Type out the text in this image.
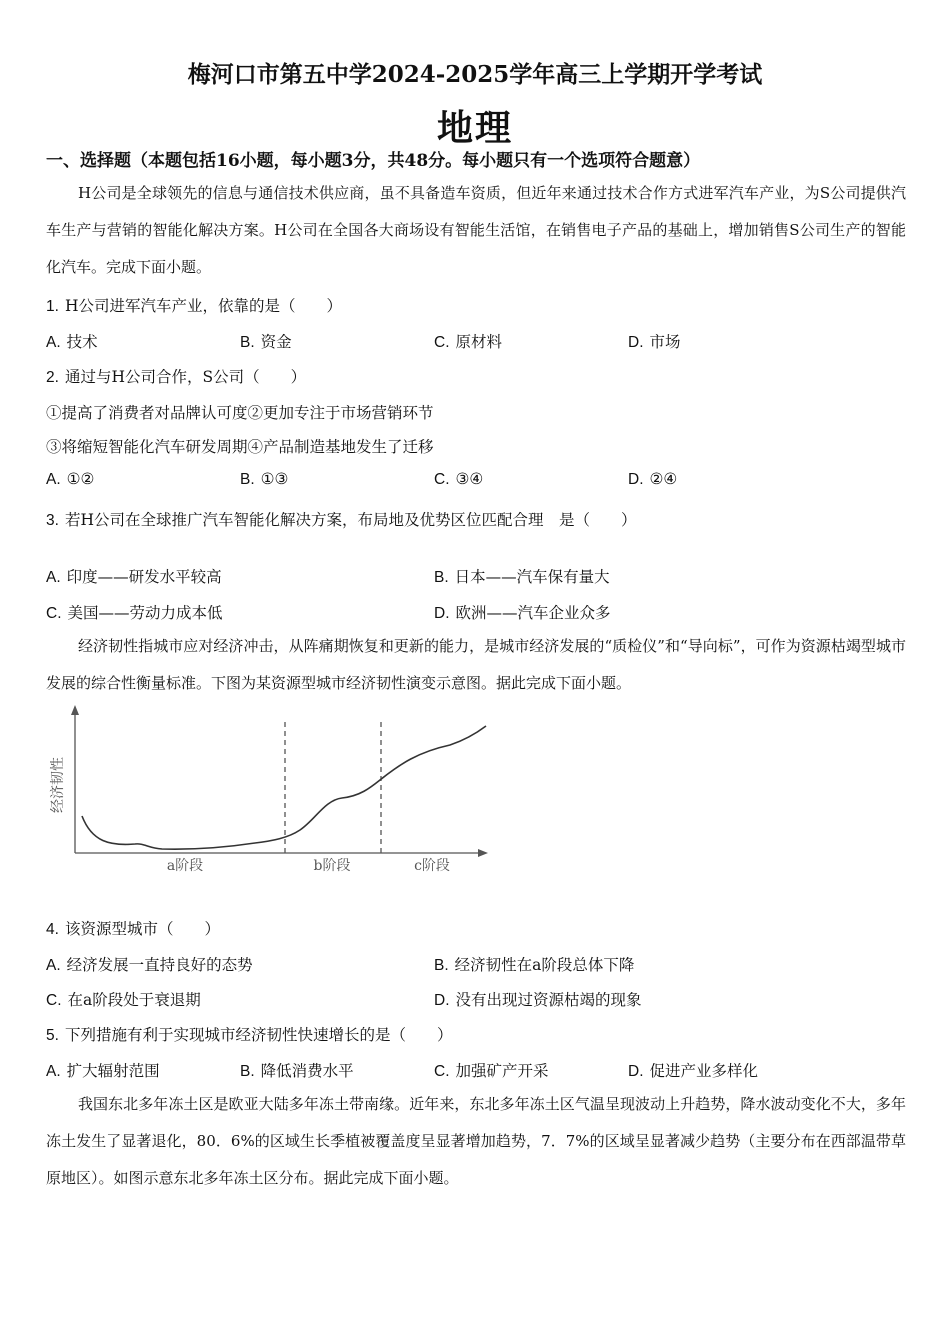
梅河口市第五中学2024-2025学年高三上学期开学考试
地理
一、选择题（本题包括16小题，每小题3分，共48分。每小题只有一个选项符合题意）
H公司是全球领先的信息与通信技术供应商，虽不具备造车资质，但近年来通过技术合作方式进军汽车产业，为S公司提供汽车生产与营销的智能化解决方案。H公司在全国各大商场设有智能生活馆，在销售电子产品的基础上，增加销售S公司生产的智能化汽车。完成下面小题。
1. H公司进军汽车产业，依靠的是（　　）
A. 技术	B. 资金	C. 原材料	D. 市场
2. 通过与H公司合作，S公司（　　）
①提高了消费者对品牌认可度②更加专注于市场营销环节
③将缩短智能化汽车研发周期④产品制造基地发生了迁移
A. ①②	B. ①③	C. ③④	D. ②④
3. 若H公司在全球推广汽车智能化解决方案，布局地及优势区位匹配合理　是（　　）
A. 印度——研发水平较高	B. 日本——汽车保有量大
C. 美国——劳动力成本低	D. 欧洲——汽车企业众多
经济韧性指城市应对经济冲击，从阵痛期恢复和更新的能力，是城市经济发展的“质检仪”和“导向标”，可作为资源枯竭型城市发展的综合性衡量标准。下图为某资源型城市经济韧性演变示意图。据此完成下面小题。
经济韧性
a阶段	b阶段	c阶段
4. 该资源型城市（　　）
A. 经济发展一直持良好的态势	B. 经济韧性在a阶段总体下降
C. 在a阶段处于衰退期	D. 没有出现过资源枯竭的现象
5. 下列措施有利于实现城市经济韧性快速增长的是（　　）
A. 扩大辐射范围	B. 降低消费水平	C. 加强矿产开采	D. 促进产业多样化
我国东北多年冻土区是欧亚大陆多年冻土带南缘。近年来，东北多年冻土区气温呈现波动上升趋势，降水波动变化不大，多年冻土发生了显著退化，80．6%的区域生长季植被覆盖度呈显著增加趋势，7．7%的区域呈显著减少趋势（主要分布在西部温带草原地区）。如图示意东北多年冻土区分布。据此完成下面小题。
